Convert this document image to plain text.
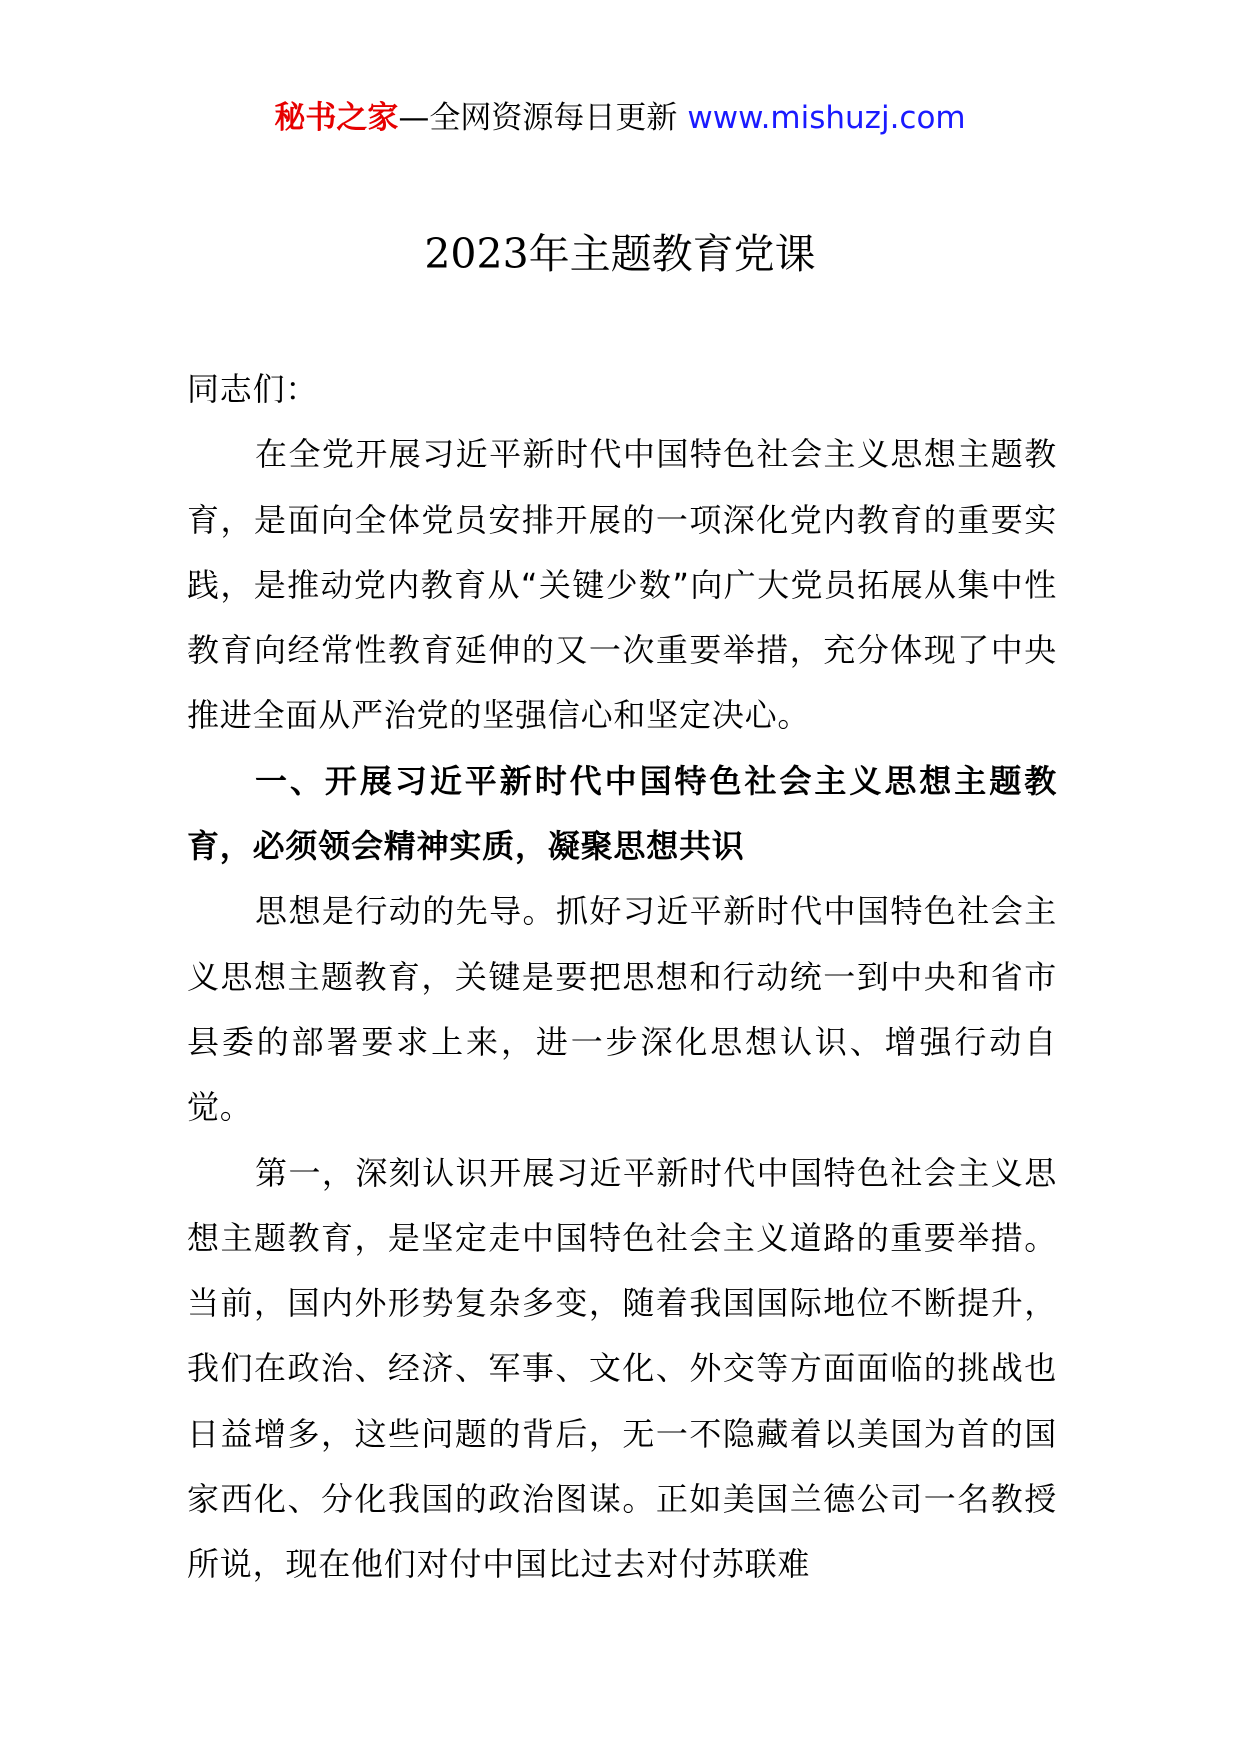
秘书之家—全网资源每日更新 www.mishuzj.com
2023年主题教育党课

同志们：

在全党开展习近平新时代中国特色社会主义思想主题教育，是面向全体党员安排开展的一项深化党内教育的重要实践，是推动党内教育从“关键少数”向广大党员拓展从集中性教育向经常性教育延伸的又一次重要举措，充分体现了中央推进全面从严治党的坚强信心和坚定决心。

一、开展习近平新时代中国特色社会主义思想主题教育，必须领会精神实质，凝聚思想共识

思想是行动的先导。抓好习近平新时代中国特色社会主义思想主题教育，关键是要把思想和行动统一到中央和省市县委的部署要求上来，进一步深化思想认识、增强行动自觉。

第一，深刻认识开展习近平新时代中国特色社会主义思想主题教育，是坚定走中国特色社会主义道路的重要举措。当前，国内外形势复杂多变，随着我国国际地位不断提升，我们在政治、经济、军事、文化、外交等方面面临的挑战也日益增多，这些问题的背后，无一不隐藏着以美国为首的国家西化、分化我国的政治图谋。正如美国兰德公司一名教授所说，现在他们对付中国比过去对付苏联难
